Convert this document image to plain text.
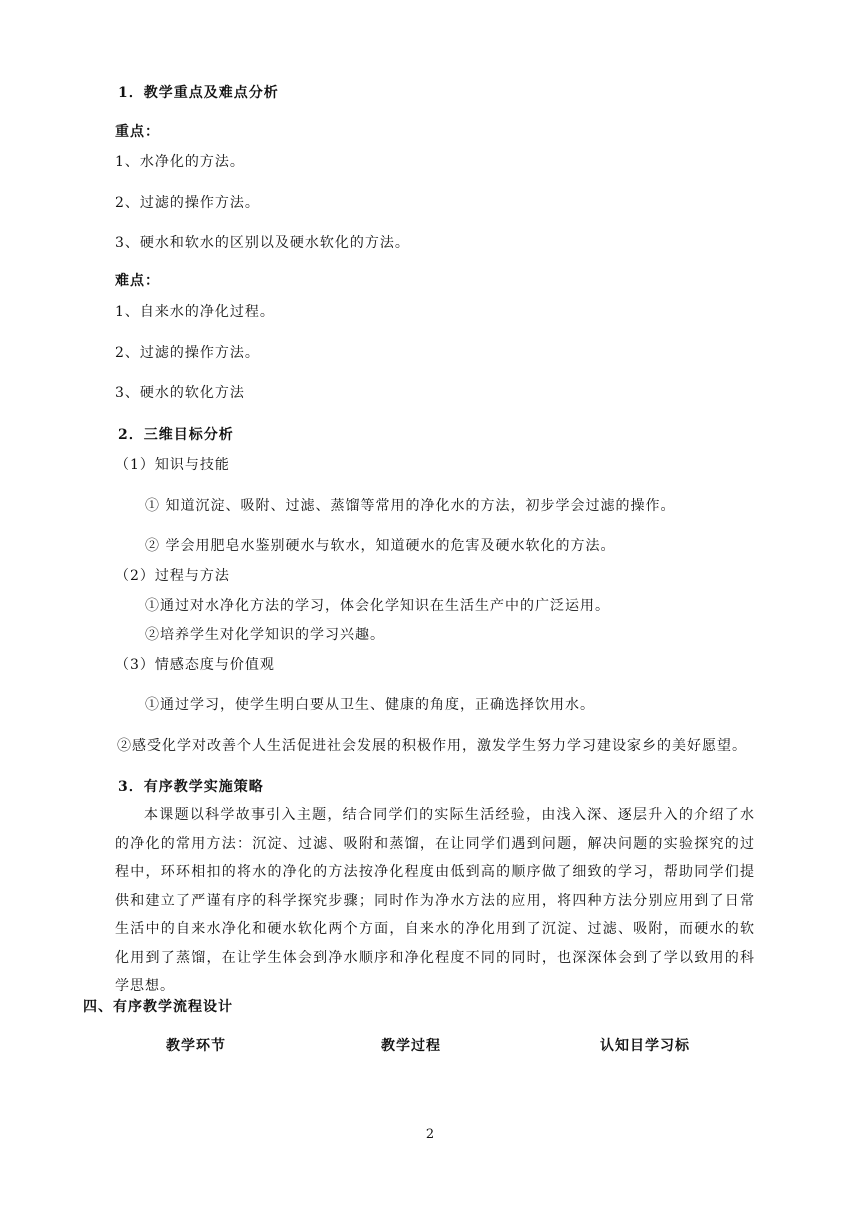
1．教学重点及难点分析
重点：
1、水净化的方法。
2、过滤的操作方法。
3、硬水和软水的区别以及硬水软化的方法。
难点：
1、自来水的净化过程。
2、过滤的操作方法。
3、硬水的软化方法
2．三维目标分析
（1）知识与技能
① 知道沉淀、吸附、过滤、蒸馏等常用的净化水的方法，初步学会过滤的操作。
② 学会用肥皂水鉴别硬水与软水，知道硬水的危害及硬水软化的方法。
（2）过程与方法
①通过对水净化方法的学习，体会化学知识在生活生产中的广泛运用。
②培养学生对化学知识的学习兴趣。
（3）情感态度与价值观
①通过学习，使学生明白要从卫生、健康的角度，正确选择饮用水。
②感受化学对改善个人生活促进社会发展的积极作用，激发学生努力学习建设家乡的美好愿望。
3．有序教学实施策略
本课题以科学故事引入主题，结合同学们的实际生活经验，由浅入深、逐层升入的介绍了水的净化的常用方法：沉淀、过滤、吸附和蒸馏，在让同学们遇到问题，解决问题的实验探究的过程中，环环相扣的将水的净化的方法按净化程度由低到高的顺序做了细致的学习，帮助同学们提供和建立了严谨有序的科学探究步骤；同时作为净水方法的应用，将四种方法分别应用到了日常生活中的自来水净化和硬水软化两个方面，自来水的净化用到了沉淀、过滤、吸附，而硬水的软化用到了蒸馏，在让学生体会到净水顺序和净化程度不同的同时，也深深体会到了学以致用的科学思想。
四、有序教学流程设计
教学环节	教学过程	认知目学习标
2
